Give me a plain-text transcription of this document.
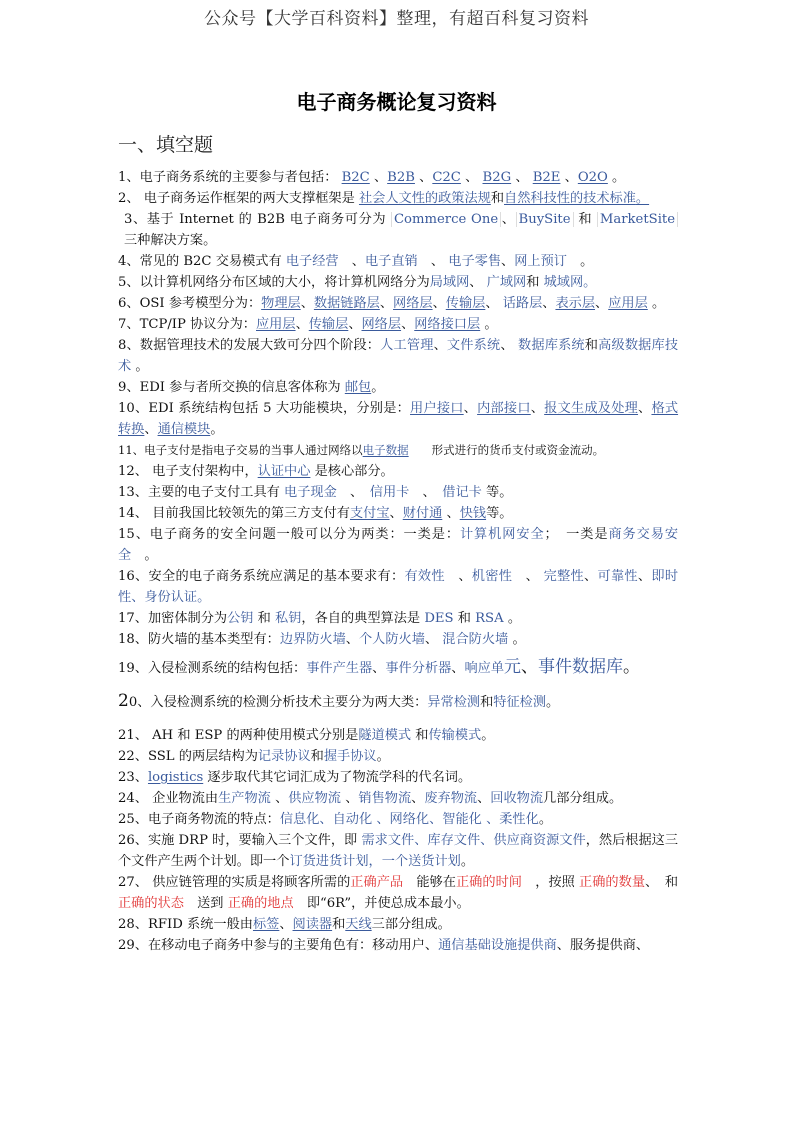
公众号【大学百科资料】整理，有超百科复习资料
电子商务概论复习资料
一、填空题

1、电子商务系统的主要参与者包括： B2C 、B2B 、C2C 、 B2G 、 B2E 、O2O 。

2、 电子商务运作框架的两大支撑框架是 社会人文性的政策法规和自然科技性的技术标准。

3、基于 Internet 的 B2B 电子商务可分为 Commerce One 、 BuySite 和 MarketSite 三种解决方案。

4、常见的 B2C 交易模式有 电子经营　 、电子直销　 、 电子零售、网上预订　 。

5、以计算机网络分布区域的大小，将计算机网络分为局域网、 广域网和 城域网。

6、OSI 参考模型分为：物理层、数据链路层、网络层、传输层、 话路层、表示层、应用层 。

7、TCP/IP 协议分为：应用层、传输层、网络层、网络接口层 。

8、数据管理技术的发展大致可分四个阶段：人工管理、文件系统、 数据库系统和高级数据库技术 。

9、EDI 参与者所交换的信息客体称为 邮包。

10、EDI 系统结构包括 5 大功能模块，分别是：用户接口、内部接口、报文生成及处理、格式转换、通信模块。

11、电子支付是指电子交易的当事人通过网络以电子数据　　 形式进行的货币支付或资金流动。

12、 电子支付架构中，认证中心 是核心部分。

13、主要的电子支付工具有 电子现金　 、　 信用卡　 、　 借记卡 等。

14、 目前我国比较领先的第三方支付有支付宝、财付通 、快钱等。

15、电子商务的安全问题一般可以分为两类：一类是：计算机网安全；　一类是商务交易安全　 。

16、安全的电子商务系统应满足的基本要求有：有效性　 、机密性　 、 完整性、可靠性、即时性、身份认证。

17、加密体制分为公钥 和 私钥，各自的典型算法是 DES 和 RSA 。

18、防火墙的基本类型有：边界防火墙、个人防火墙、 混合防火墙 。

19、入侵检测系统的结构包括：事件产生器、事件分析器、响应单元、事件数据库。

20、入侵检测系统的检测分析技术主要分为两大类：异常检测和特征检测。

21、 AH 和 ESP 的两种使用模式分别是隧道模式 和传输模式。

22、SSL 的两层结构为记录协议和握手协议。

23、logistics 逐步取代其它词汇成为了物流学科的代名词。

24、 企业物流由生产物流 、供应物流 、销售物流、废弃物流、回收物流几部分组成。

25、电子商务物流的特点：信息化、自动化 、网络化、智能化 、柔性化。

26、实施 DRP 时，要输入三个文件，即 需求文件、库存文件、供应商资源文件，然后根据这三个文件产生两个计划。即一个订货进货计划，一个送货计划。

27、 供应链管理的实质是将顾客所需的正确产品　能够在正确的时间　，按照 正确的数量、　和正确的状态　送到 正确的地点　即“6R”，并使总成本最小。

28、RFID 系统一般由标签、阅读器和天线三部分组成。

29、在移动电子商务中参与的主要角色有：移动用户、通信基础设施提供商、服务提供商、
